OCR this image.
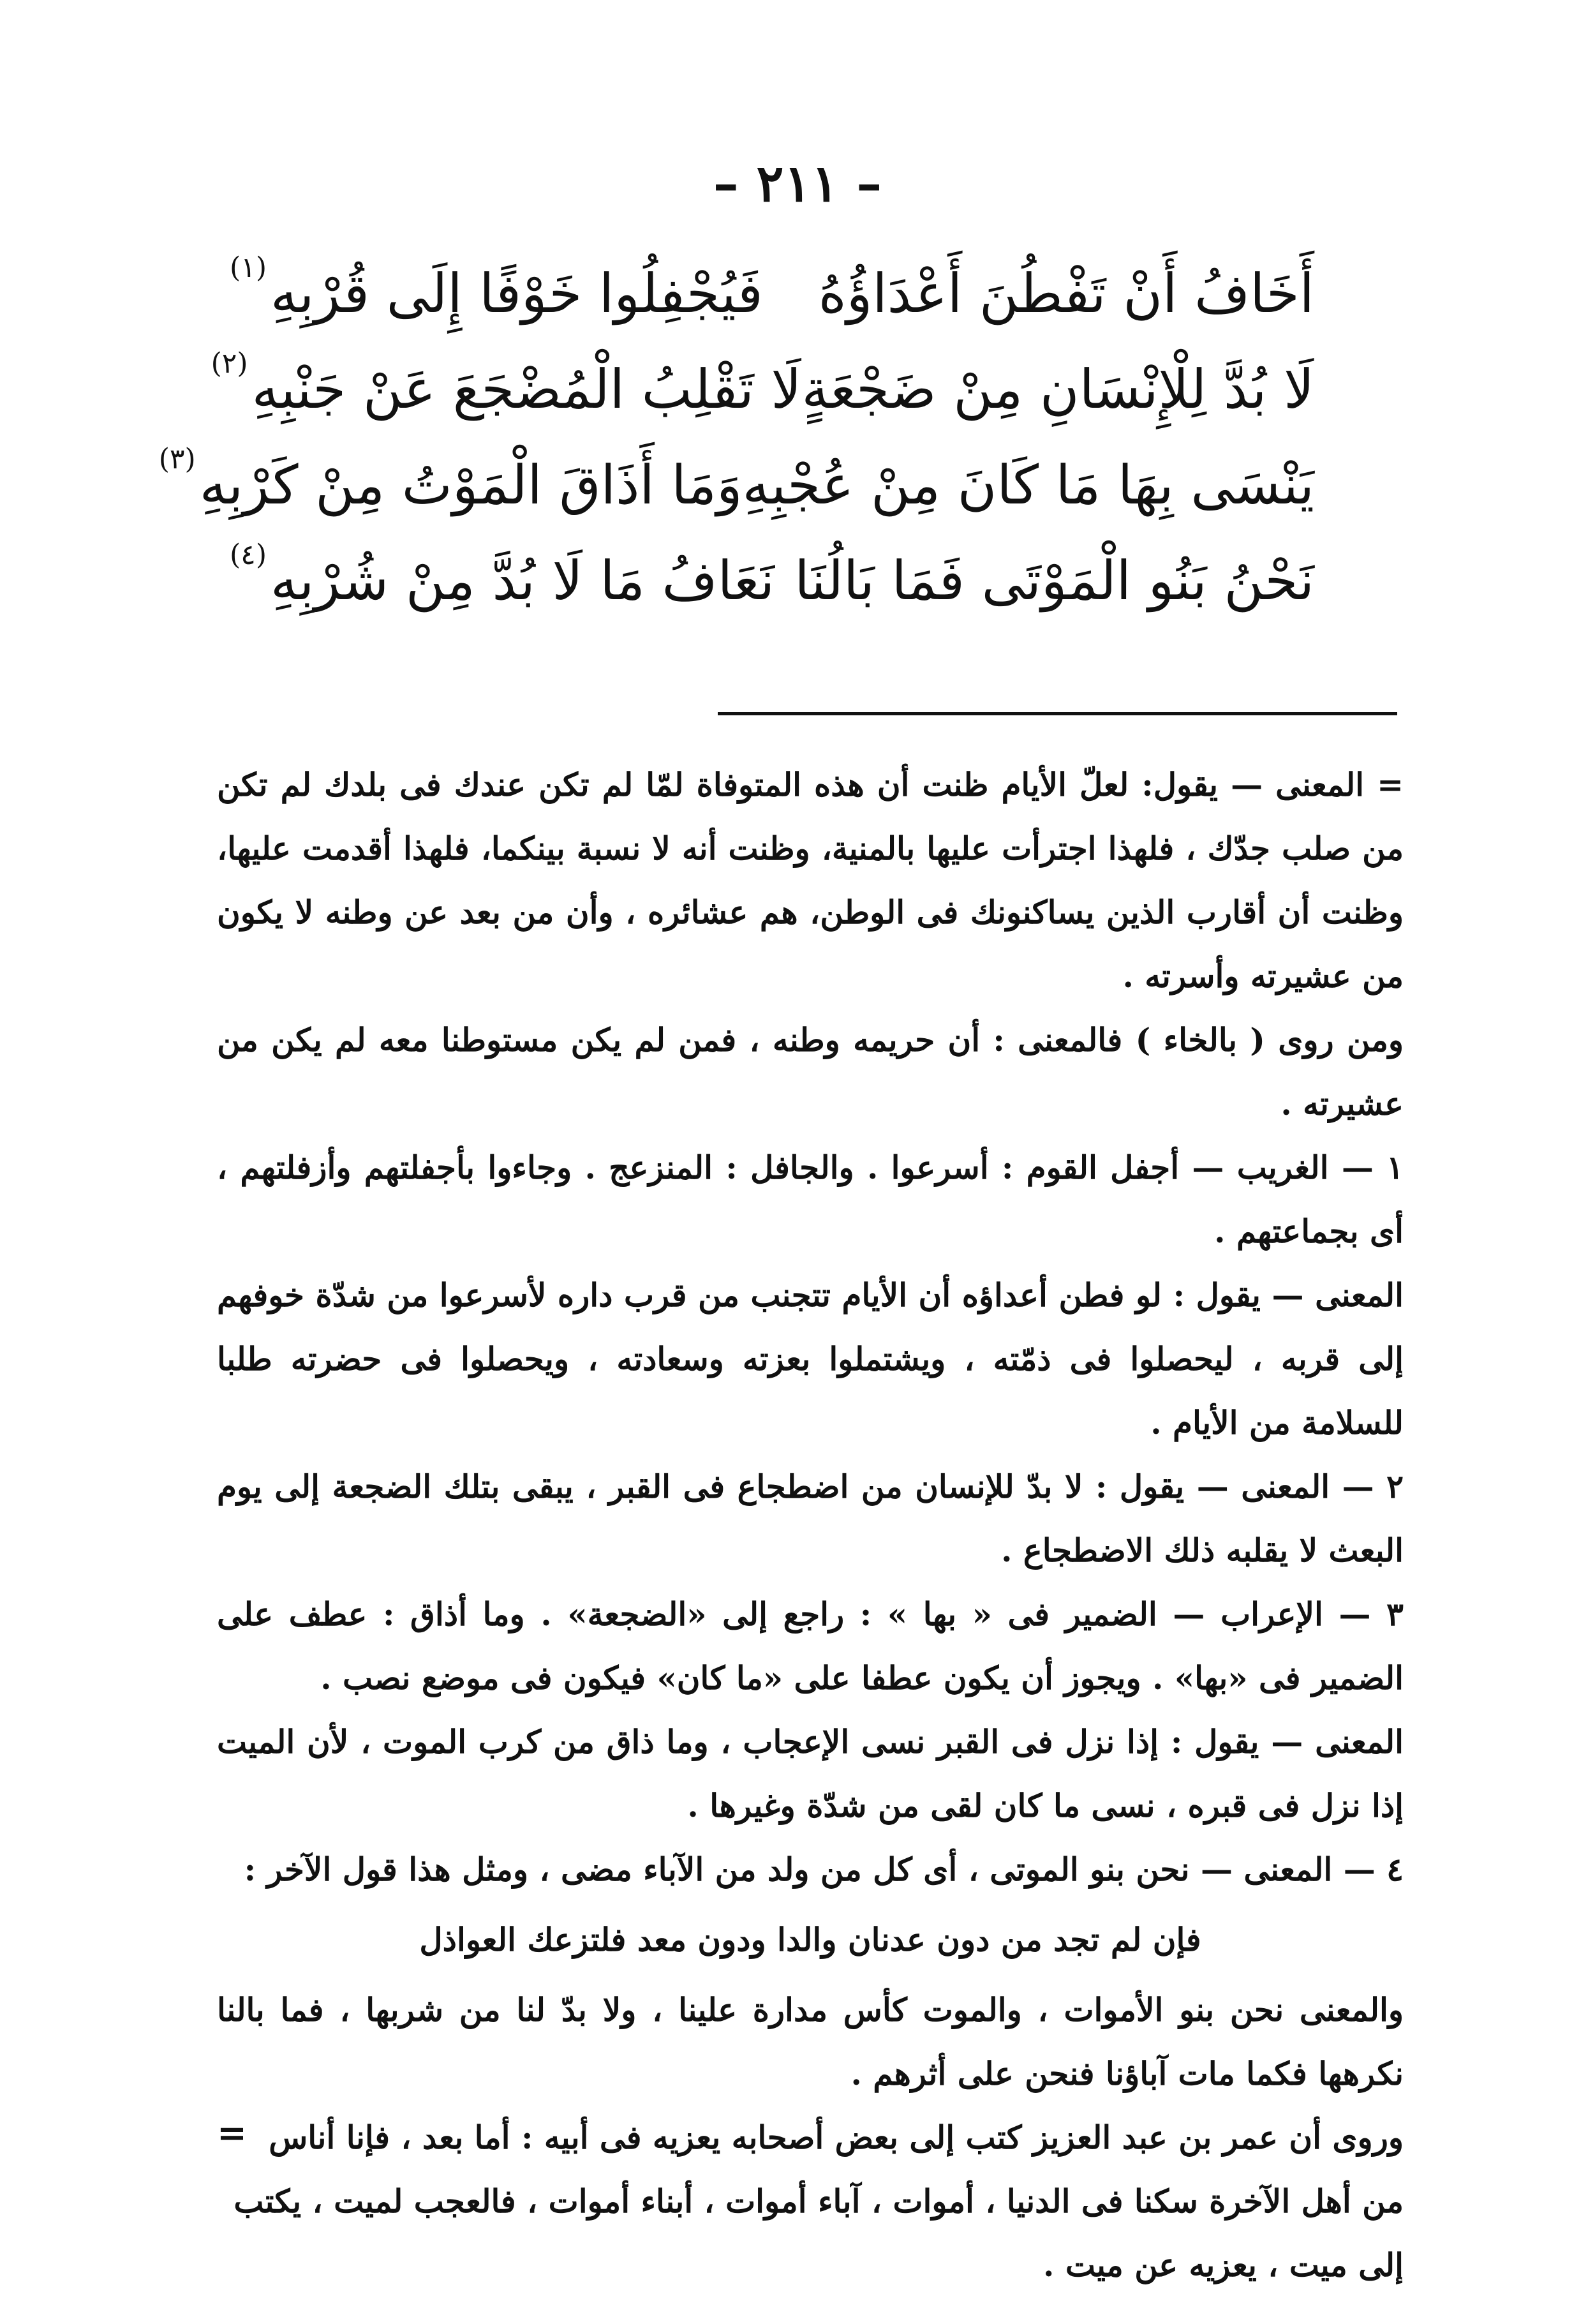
– ٢١١ –
أَخَافُ أَنْ تَفْطُنَ أَعْدَاؤُهُ
فَيُجْفِلُوا خَوْفًا إِلَى قُرْبِهِ
(١)
لَا بُدَّ لِلْإِنْسَانِ مِنْ ضَجْعَةٍ
لَا تَقْلِبُ الْمُضْجَعَ عَنْ جَنْبِهِ
(٢)
يَنْسَى بِهَا مَا كَانَ مِنْ عُجْبِهِ
وَمَا أَذَاقَ الْمَوْتُ مِنْ كَرْبِهِ
(٣)
نَحْنُ بَنُو الْمَوْتَى فَمَا بَالُنَا
نَعَافُ مَا لَا بُدَّ مِنْ شُرْبِهِ
(٤)

= المعنى — يقول: لعلّ الأيام ظنت أن هذه المتوفاة لمّا لم تكن عندك فى بلدك لم تكن من صلب جدّك ، فلهذا اجترأت عليها بالمنية، وظنت أنه لا نسبة بينكما، فلهذا أقدمت عليها، وظنت أن أقارب الذين يساكنونك فى الوطن، هم عشائره ، وأن من بعد عن وطنه لا يكون من عشيرته وأسرته .

ومن روى ( بالخاء ) فالمعنى : أن حريمه وطنه ، فمن لم يكن مستوطنا معه لم يكن من عشيرته .

١ — الغريب — أجفل القوم : أسرعوا . والجافل : المنزعج . وجاءوا بأجفلتهم وأزفلتهم ، أى بجماعتهم .

المعنى — يقول : لو فطن أعداؤه أن الأيام تتجنب من قرب داره لأسرعوا من شدّة خوفهم إلى قربه ، ليحصلوا فى ذمّته ، ويشتملوا بعزته وسعادته ، ويحصلوا فى حضرته طلبا للسلامة من الأيام .

٢ — المعنى — يقول : لا بدّ للإنسان من اضطجاع فى القبر ، يبقى بتلك الضجعة إلى يوم البعث لا يقلبه ذلك الاضطجاع .

٣ — الإعراب — الضمير فى « بها » : راجع إلى «الضجعة» . وما أذاق : عطف على الضمير فى «بها» . ويجوز أن يكون عطفا على «ما كان» فيكون فى موضع نصب .

المعنى — يقول : إذا نزل فى القبر نسى الإعجاب ، وما ذاق من كرب الموت ، لأن الميت إذا نزل فى قبره ، نسى ما كان لقى من شدّة وغيرها .

٤ — المعنى — نحن بنو الموتى ، أى كل من ولد من الآباء مضى ، ومثل هذا قول الآخر :

فإن لم تجد من دون عدنان والدا ودون معد فلتزعك العواذل

والمعنى نحن بنو الأموات ، والموت كأس مدارة علينا ، ولا بدّ لنا من شربها ، فما بالنا نكرهها فكما مات آباؤنا فنحن على أثرهم .

وروى أن عمر بن عبد العزيز كتب إلى بعض أصحابه يعزيه فى أبيه : أما بعد ، فإنا أناس من أهل الآخرة سكنا فى الدنيا ، أموات ، آباء أموات ، أبناء أموات ، فالعجب لميت ، يكتب إلى ميت ، يعزيه عن ميت .

=
